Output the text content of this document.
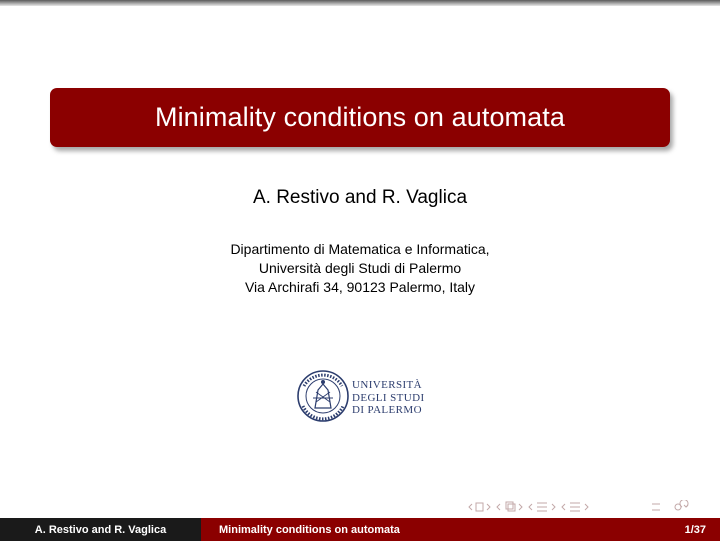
Minimality conditions on automata
A. Restivo and R. Vaglica
Dipartimento di Matematica e Informatica,
Università degli Studi di Palermo
Via Archirafi 34, 90123 Palermo, Italy
UNIVERSITÀ
DEGLI STUDI
DI PALERMO
A. Restivo and R. Vaglica	Minimality conditions on automata	1/37
